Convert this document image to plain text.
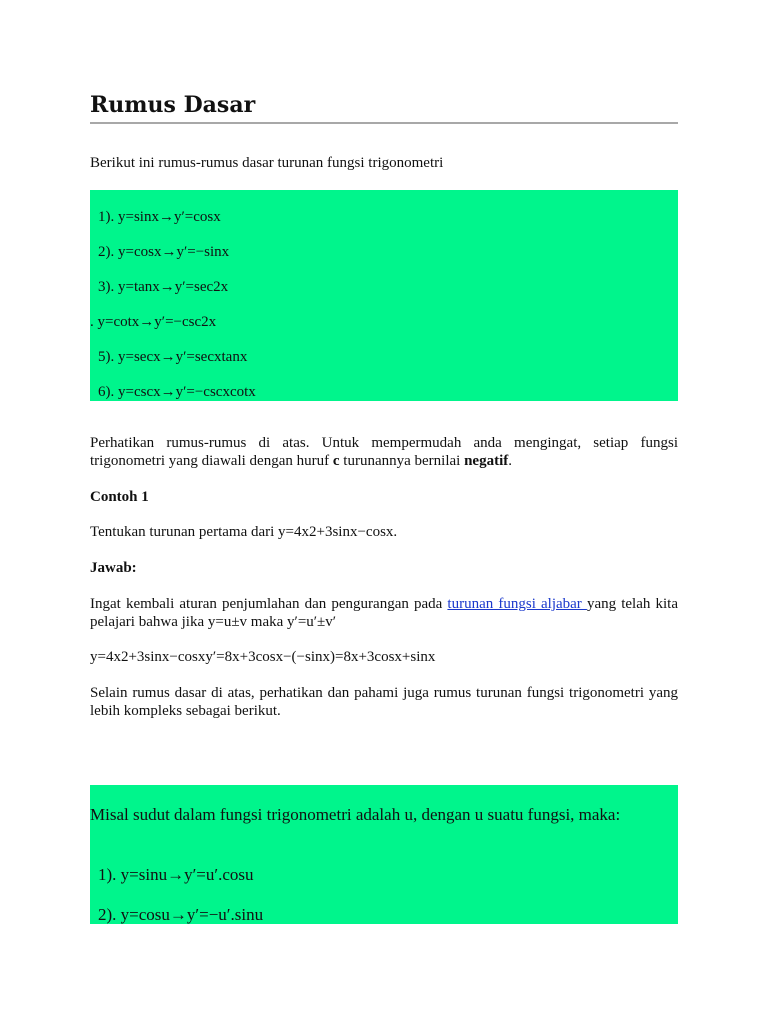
Rumus Dasar

Berikut ini rumus-rumus dasar turunan fungsi trigonometri

1). y=sinx→y′=cosx
2). y=cosx→y′=−sinx
3). y=tanx→y′=sec2x
. y=cotx→y′=−csc2x
5). y=secx→y′=secxtanx
6). y=cscx→y′=−cscxcotx

Perhatikan rumus-rumus di atas. Untuk mempermudah anda mengingat, setiap fungsi trigonometri yang diawali dengan huruf c turunannya bernilai negatif.

Contoh 1

Tentukan turunan pertama dari y=4x2+3sinx−cosx.

Jawab:

Ingat kembali aturan penjumlahan dan pengurangan pada turunan fungsi aljabar yang telah kita pelajari bahwa jika y=u±v maka y′=u′±v′

y=4x2+3sinx−cosxy′=8x+3cosx−(−sinx)=8x+3cosx+sinx

Selain rumus dasar di atas, perhatikan dan pahami juga rumus turunan fungsi trigonometri yang lebih kompleks sebagai berikut.

Misal sudut dalam fungsi trigonometri adalah u, dengan u suatu fungsi, maka:
1). y=sinu→y′=u′.cosu
2). y=cosu→y′=−u′.sinu
